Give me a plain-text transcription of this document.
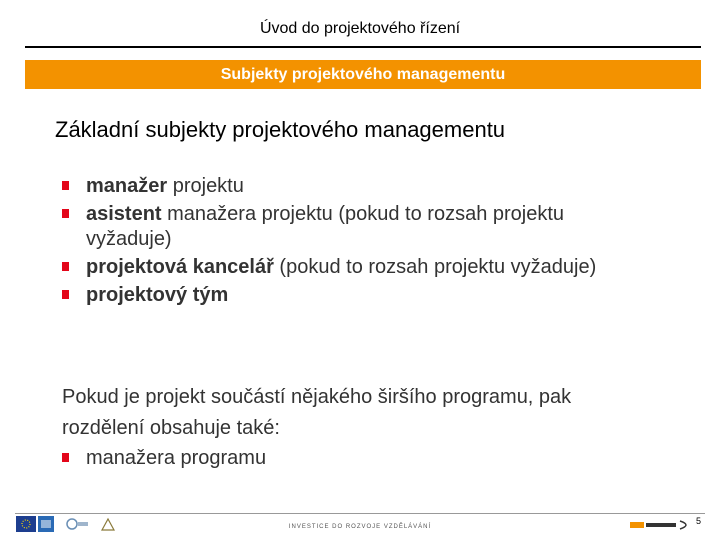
Úvod do projektového řízení
Subjekty projektového managementu
Základní subjekty projektového managementu
manažer projektu
asistent manažera projektu (pokud to rozsah projektu vyžaduje)
projektová kancelář (pokud to rozsah projektu vyžaduje)
projektový tým
Pokud je projekt součástí nějakého širšího programu, pak rozdělení obsahuje také:
manažera programu
INVESTICE DO ROZVOJE VZDĚLÁVÁNÍ
5
